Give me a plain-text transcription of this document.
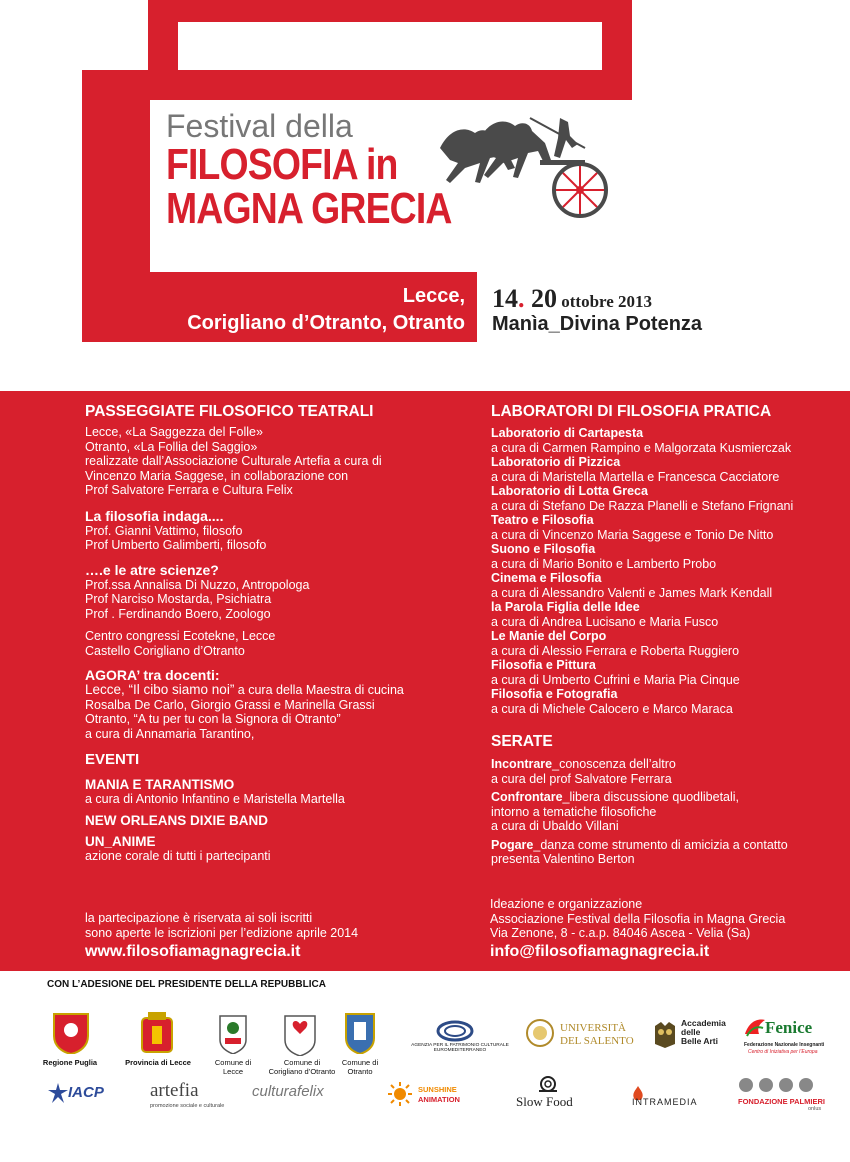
Festival della
FILOSOFIA in
MAGNA GRECIA
Lecce,
Corigliano d’Otranto, Otranto
14. 20 ottobre 2013
Manìa_Divina Potenza
PASSEGGIATE FILOSOFICO TEATRALI
Lecce, «La Saggezza del Folle»
Otranto, «La Follia del Saggio»
realizzate dall’Associazione Culturale Artefia a cura di
Vincenzo Maria Saggese, in collaborazione con
Prof Salvatore Ferrara e Cultura Felix
La filosofia indaga....
Prof. Gianni Vattimo, filosofo
Prof Umberto Galimberti, filosofo
….e le atre scienze?
Prof.ssa Annalisa Di Nuzzo, Antropologa
Prof Narciso Mostarda, Psichiatra
Prof . Ferdinando Boero, Zoologo
Centro congressi Ecotekne, Lecce
Castello Corigliano d’Otranto
AGORA’ tra docenti:
Lecce, “Il cibo siamo noi” a cura della Maestra di cucina
Rosalba De Carlo, Giorgio Grassi e Marinella Grassi
Otranto, “A tu per tu con la Signora di Otranto”
a cura di Annamaria Tarantino,
EVENTI
MANIA E TARANTISMO
a cura di Antonio Infantino e Maristella Martella
NEW ORLEANS DIXIE BAND
UN_ANIME
azione corale di tutti i partecipanti
la partecipazione è riservata ai soli iscritti
sono aperte le iscrizioni per l’edizione aprile 2014
www.filosofiamagnagrecia.it
LABORATORI DI FILOSOFIA PRATICA
Laboratorio di Cartapesta
a cura di Carmen Rampino e Malgorzata Kusmierczak
Laboratorio di Pizzica
a cura di Maristella Martella e Francesca Cacciatore
Laboratorio di Lotta Greca
a cura di Stefano De Razza Planelli e Stefano Frignani
Teatro e Filosofia
a cura di Vincenzo Maria Saggese e Tonio De Nitto
Suono e Filosofia
a cura di Mario Bonito e Lamberto Probo
Cinema e Filosofia
a cura di Alessandro Valenti e James Mark Kendall
la Parola Figlia delle Idee
a cura di Andrea Lucisano e Maria Fusco
Le Manie del Corpo
a cura di Alessio Ferrara e Roberta Ruggiero
Filosofia e Pittura
a cura di Umberto Cufrini e Maria Pia Cinque
Filosofia e Fotografia
a cura di Michele Calocero e Marco Maraca
SERATE
Incontrare_conoscenza dell’altro
a cura del prof Salvatore Ferrara
Confrontare_libera discussione quodlibetali,
intorno a tematiche filosofiche
a cura di Ubaldo Villani
Pogare_danza come strumento di amicizia a contatto
presenta Valentino Berton
Ideazione e organizzazione
Associazione Festival della Filosofia in Magna Grecia
Via Zenone, 8 - c.a.p. 84046 Ascea - Velia (Sa)
info@filosofiamagnagrecia.it
CON L’ADESIONE DEL PRESIDENTE DELLA REPUBBLICA
Regione Puglia	Provincia di Lecce	Comune di
Lecce
Comune di
Corigliano d’Otranto
Comune di
Otranto
AGENZIA PER IL PATRIMONIO CULTURALE EUROMEDITERRANEO
UNIVERSITÀ
DEL SALENTO
Accademia
delle
Belle Arti
Fenice
Federazione Nazionale Insegnanti
Centro di Iniziativa per l’Europa
IACP artefia
promozione sociale e culturale
culturafelix	SUNSHINE
ANIMATION	Slow Food	INTRAMEDIA	FONDAZIONE PALMIERI
onlus
